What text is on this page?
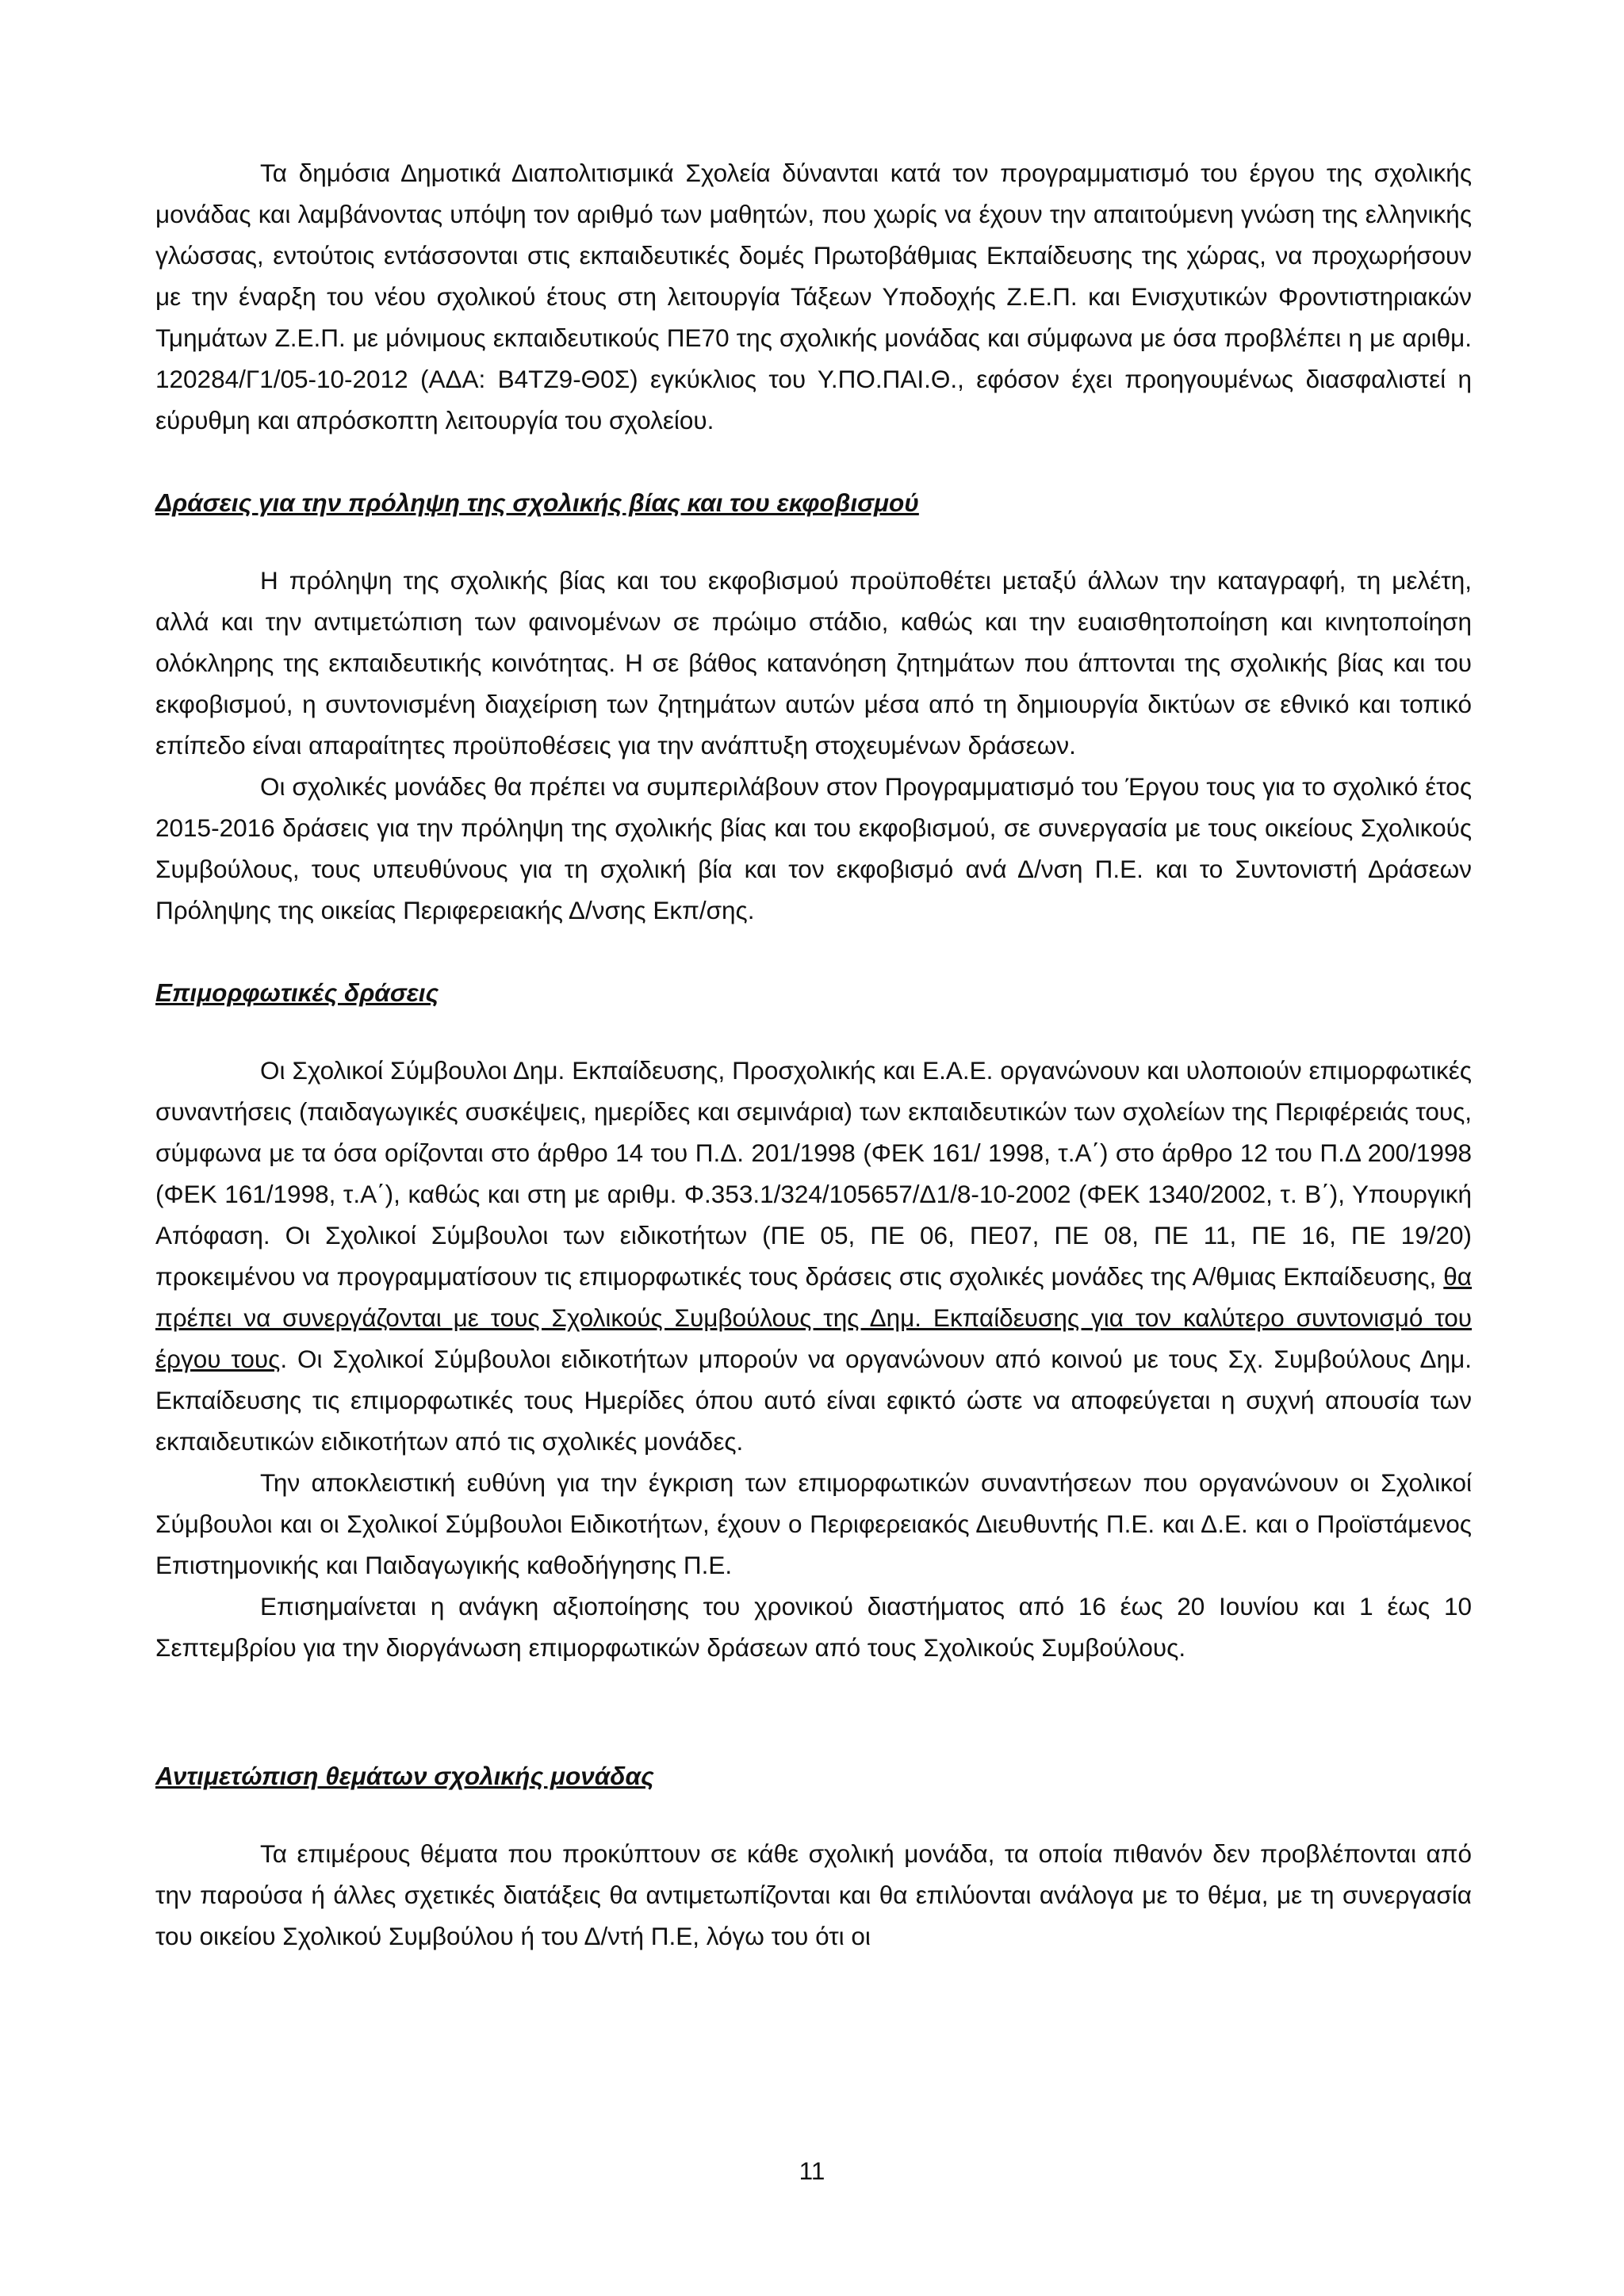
Τα δημόσια Δημοτικά Διαπολιτισμικά Σχολεία δύνανται κατά τον προγραμματισμό του έργου της σχολικής μονάδας και λαμβάνοντας υπόψη τον αριθμό των μαθητών, που χωρίς να έχουν την απαιτούμενη γνώση της ελληνικής γλώσσας, εντούτοις εντάσσονται στις εκπαιδευτικές δομές Πρωτοβάθμιας Εκπαίδευσης της χώρας, να προχωρήσουν με την έναρξη του νέου σχολικού έτους στη λειτουργία Τάξεων Υποδοχής Ζ.Ε.Π. και Ενισχυτικών Φροντιστηριακών Τμημάτων Ζ.Ε.Π. με μόνιμους εκπαιδευτικούς ΠΕ70 της σχολικής μονάδας και σύμφωνα με όσα προβλέπει η με αριθμ. 120284/Γ1/05-10-2012 (ΑΔΑ: Β4ΤΖ9-Θ0Σ) εγκύκλιος του Υ.ΠΟ.ΠΑΙ.Θ., εφόσον έχει προηγουμένως διασφαλιστεί η εύρυθμη και απρόσκοπτη λειτουργία του σχολείου.

Δράσεις για την πρόληψη της σχολικής βίας και του εκφοβισμού

Η πρόληψη της σχολικής βίας και του εκφοβισμού προϋποθέτει μεταξύ άλλων την καταγραφή, τη μελέτη, αλλά και την αντιμετώπιση των φαινομένων σε πρώιμο στάδιο, καθώς και την ευαισθητοποίηση και κινητοποίηση ολόκληρης της εκπαιδευτικής κοινότητας. Η σε βάθος κατανόηση ζητημάτων που άπτονται της σχολικής βίας και του εκφοβισμού, η συντονισμένη διαχείριση των ζητημάτων αυτών μέσα από τη δημιουργία δικτύων σε εθνικό και τοπικό επίπεδο είναι απαραίτητες προϋποθέσεις για την ανάπτυξη στοχευμένων δράσεων.

Οι σχολικές μονάδες θα πρέπει να συμπεριλάβουν στον Προγραμματισμό του Έργου τους για το σχολικό έτος 2015-2016 δράσεις για την πρόληψη της σχολικής βίας και του εκφοβισμού, σε συνεργασία με τους οικείους Σχολικούς Συμβούλους, τους υπευθύνους για τη σχολική βία και τον εκφοβισμό ανά Δ/νση Π.Ε. και το Συντονιστή Δράσεων Πρόληψης της οικείας Περιφερειακής Δ/νσης Εκπ/σης.

Επιμορφωτικές δράσεις

Οι Σχολικοί Σύμβουλοι Δημ. Εκπαίδευσης, Προσχολικής και Ε.Α.Ε. οργανώνουν και υλοποιούν επιμορφωτικές συναντήσεις (παιδαγωγικές συσκέψεις, ημερίδες και σεμινάρια) των εκπαιδευτικών των σχολείων της Περιφέρειάς τους, σύμφωνα με τα όσα ορίζονται στο άρθρο 14 του Π.Δ. 201/1998 (ΦΕΚ 161/ 1998, τ.Α΄) στο άρθρο 12 του Π.Δ 200/1998 (ΦΕΚ 161/1998, τ.Α΄), καθώς και στη με αριθμ. Φ.353.1/324/105657/Δ1/8-10-2002 (ΦΕΚ 1340/2002, τ. Β΄), Υπουργική Απόφαση. Οι Σχολικοί Σύμβουλοι των ειδικοτήτων (ΠΕ 05, ΠΕ 06, ΠΕ07, ΠΕ 08, ΠΕ 11, ΠΕ 16, ΠΕ 19/20) προκειμένου να προγραμματίσουν τις επιμορφωτικές τους δράσεις στις σχολικές μονάδες της Α/θμιας Εκπαίδευσης, θα πρέπει να συνεργάζονται με τους Σχολικούς Συμβούλους της Δημ. Εκπαίδευσης για τον καλύτερο συντονισμό του έργου τους. Οι Σχολικοί Σύμβουλοι ειδικοτήτων μπορούν να οργανώνουν από κοινού με τους Σχ. Συμβούλους Δημ. Εκπαίδευσης τις επιμορφωτικές τους Ημερίδες όπου αυτό είναι εφικτό ώστε να αποφεύγεται η συχνή απουσία των εκπαιδευτικών ειδικοτήτων από τις σχολικές μονάδες.

Την αποκλειστική ευθύνη για την έγκριση των επιμορφωτικών συναντήσεων που οργανώνουν οι Σχολικοί Σύμβουλοι και οι Σχολικοί Σύμβουλοι Ειδικοτήτων, έχουν ο Περιφερειακός Διευθυντής Π.Ε. και Δ.Ε. και ο Προϊστάμενος Επιστημονικής και Παιδαγωγικής καθοδήγησης Π.Ε.

Επισημαίνεται η ανάγκη αξιοποίησης του χρονικού διαστήματος από 16 έως 20 Ιουνίου και 1 έως 10 Σεπτεμβρίου για την διοργάνωση επιμορφωτικών δράσεων από τους Σχολικούς Συμβούλους.

Αντιμετώπιση θεμάτων σχολικής μονάδας

Τα επιμέρους θέματα που προκύπτουν σε κάθε σχολική μονάδα, τα οποία πιθανόν δεν προβλέπονται από την παρούσα ή άλλες σχετικές διατάξεις θα αντιμετωπίζονται και θα επιλύονται ανάλογα με το θέμα, με τη συνεργασία του οικείου Σχολικού Συμβούλου ή του Δ/ντή Π.Ε, λόγω του ότι οι

11
